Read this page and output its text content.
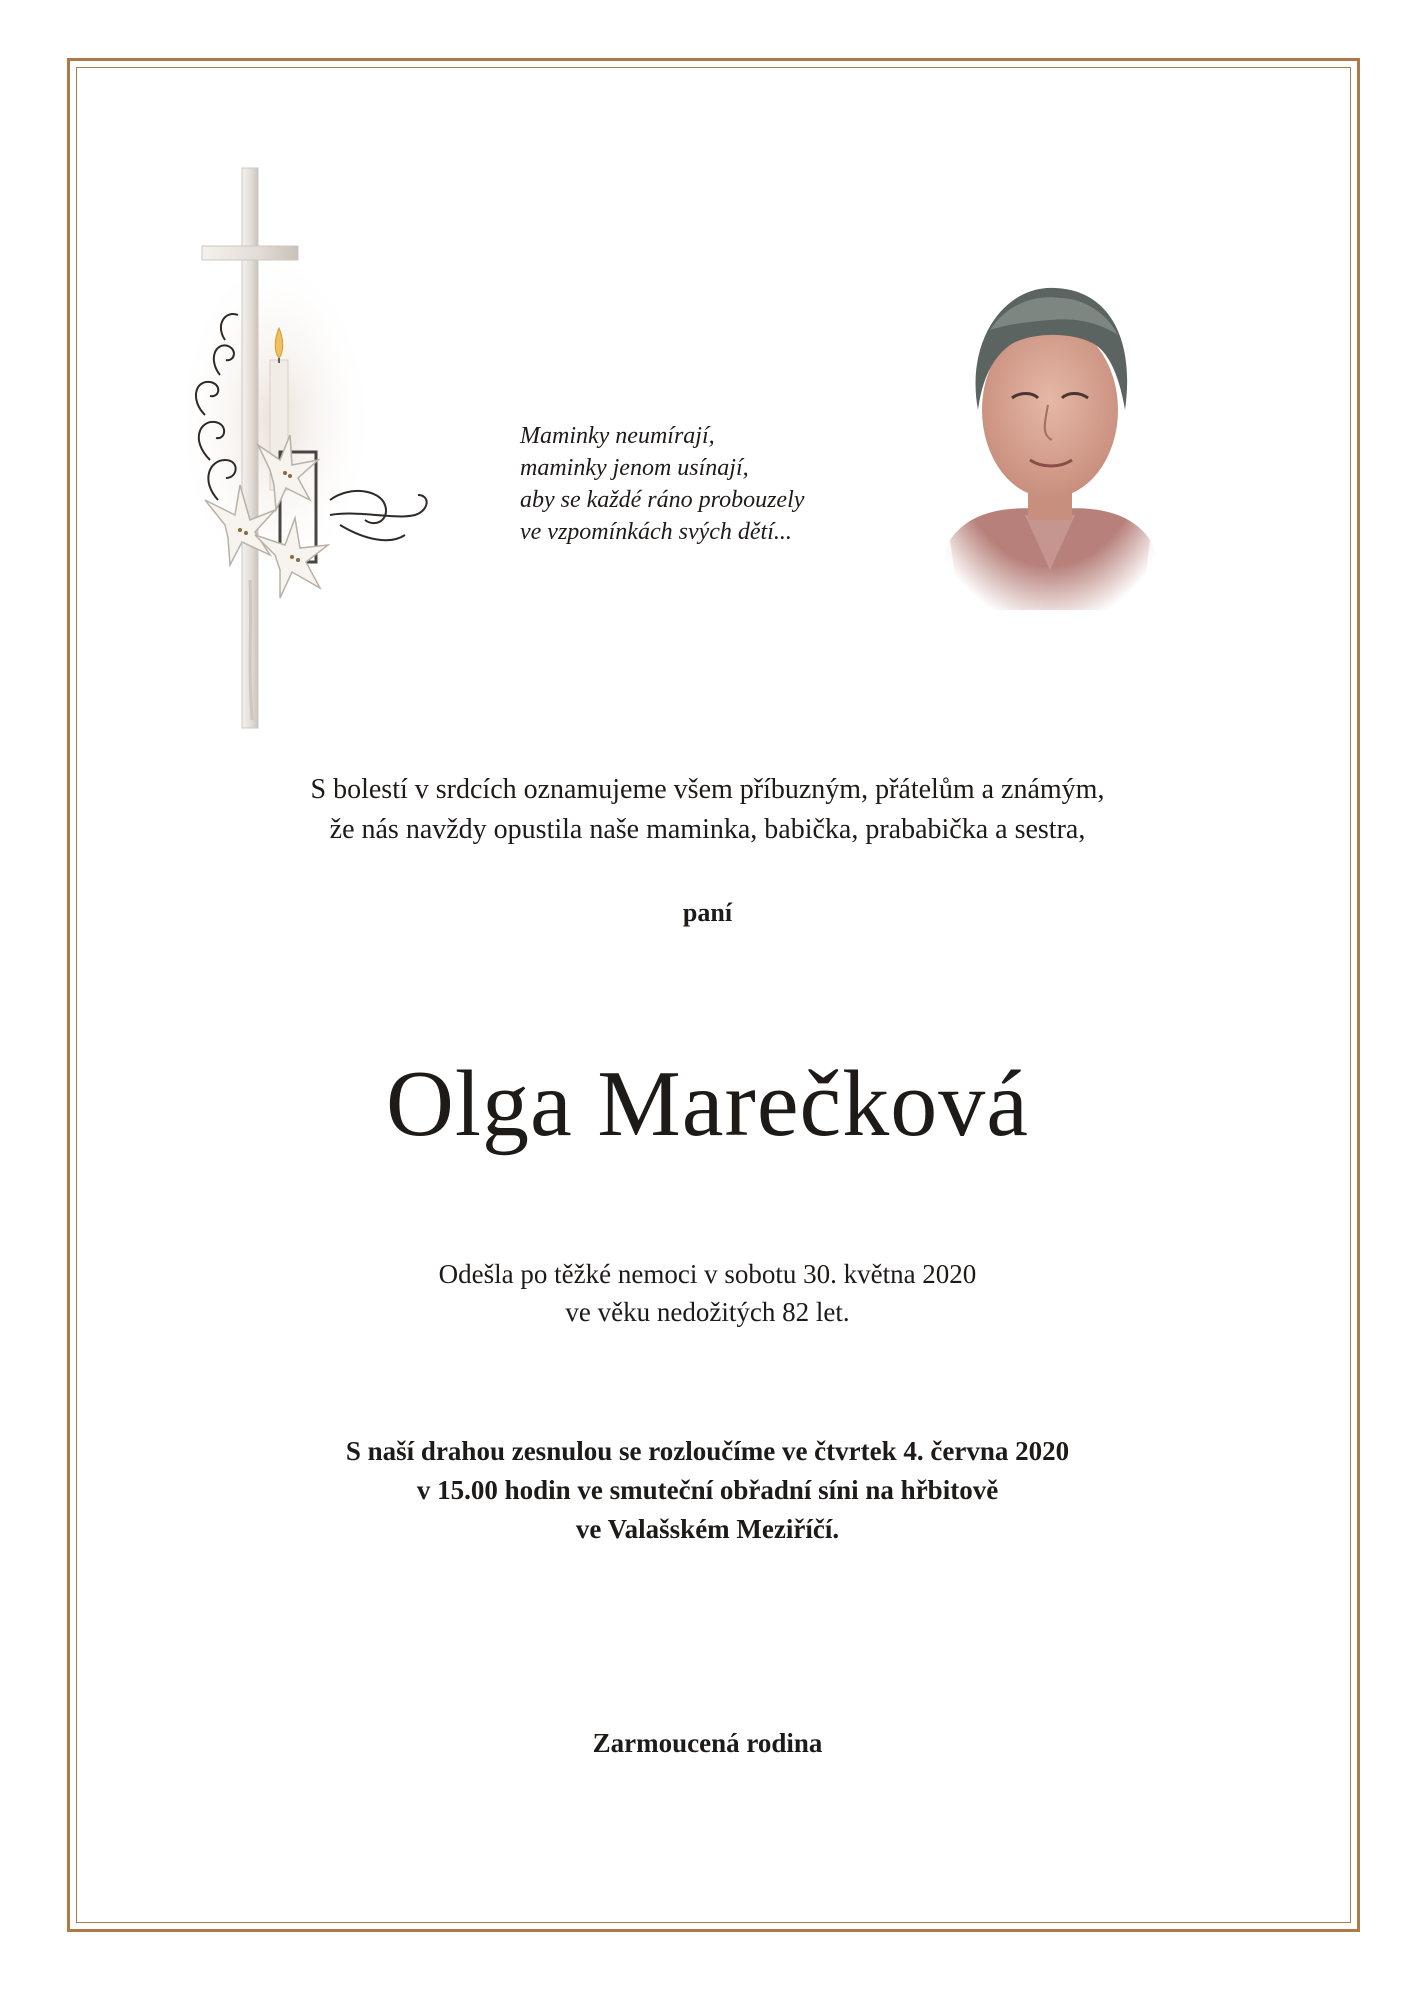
Maminky neumírají,
maminky jenom usínají,
aby se každé ráno probouzely
ve vzpomínkách svých dětí...
S bolestí v srdcích oznamujeme všem příbuzným, přátelům a známým,
že nás navždy opustila naše maminka, babička, prababička a sestra,
paní
Olga Marečková
Odešla po těžké nemoci v sobotu 30. května 2020
ve věku nedožitých 82 let.
S naší drahou zesnulou se rozloučíme ve čtvrtek 4. června 2020
v 15.00 hodin ve smuteční obřadní síni na hřbitově
ve Valašském Meziříčí.
Zarmoucená rodina
